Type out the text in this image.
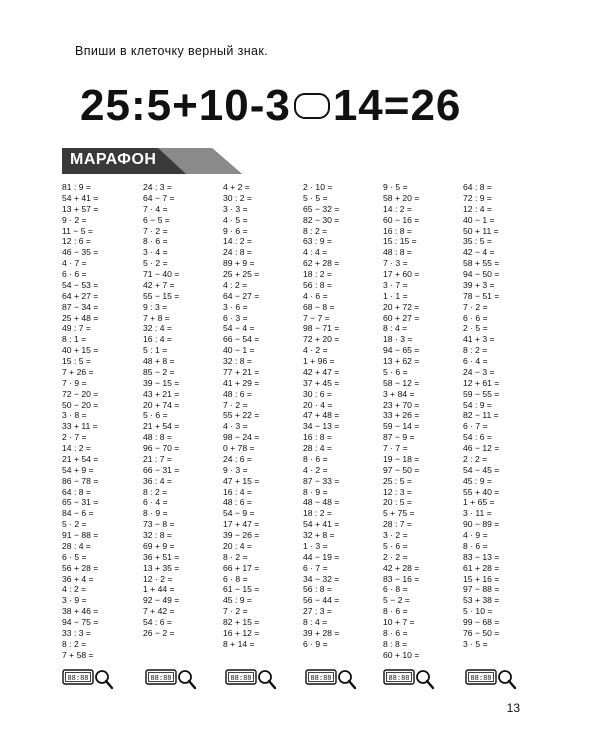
Впиши в клеточку верный знак.
25:5+10-3 14=26
МАРАФОН
81 : 9 =
54 + 41 =
13 + 57 =
9 · 2 =
11 − 5 =
12 : 6 =
46 − 35 =
4 · 7 =
6 · 6 =
54 − 53 =
64 + 27 =
87 − 34 =
25 + 48 =
49 : 7 =
8 : 1 =
40 + 15 =
15 : 5 =
7 + 26 =
7 · 9 =
72 − 20 =
50 − 20 =
3 · 8 =
33 + 11 =
2 · 7 =
14 : 2 =
21 + 54 =
54 + 9 =
86 − 78 =
64 : 8 =
65 − 31 =
84 − 6 =
5 · 2 =
91 − 88 =
28 : 4 =
6 · 5 =
56 + 28 =
36 + 4 =
4 : 2 =
3 · 9 =
38 + 46 =
94 − 75 =
33 : 3 =
8 : 2 =
7 + 58 =
24 : 3 =
64 − 7 =
7 · 4 =
6 − 5 =
7 · 2 =
8 · 6 =
3 · 4 =
5 · 2 =
71 − 40 =
42 + 7 =
55 − 15 =
9 : 3 =
7 + 8 =
32 : 4 =
16 : 4 =
5 : 1 =
48 + 8 =
85 − 2 =
39 − 15 =
43 + 21 =
20 + 74 =
5 · 6 =
21 + 54 =
48 : 8 =
96 − 70 =
21 : 7 =
66 − 31 =
36 : 4 =
8 : 2 =
6 · 4 =
8 · 9 =
73 − 8 =
32 : 8 =
69 + 9 =
36 + 51 =
13 + 35 =
12 · 2 =
1 + 44 =
92 − 49 =
7 + 42 =
54 : 6 =
26 − 2 =
4 + 2 =
30 : 2 =
3 · 3 =
4 · 5 =
9 · 6 =
14 : 2 =
24 : 8 =
89 + 9 =
25 + 25 =
4 : 2 =
64 − 27 =
3 · 6 =
6 · 3 =
54 − 4 =
66 − 54 =
40 − 1 =
32 : 8 =
77 + 21 =
41 + 29 =
48 : 6 =
7 · 2 =
55 + 22 =
4 · 3 =
98 − 24 =
0 + 78 =
24 : 6 =
9 · 3 =
47 + 15 =
16 : 4 =
48 : 6 =
54 − 9 =
17 + 47 =
39 − 26 =
20 : 4 =
8 · 2 =
66 + 17 =
6 · 8 =
61 − 15 =
45 : 9 =
7 · 2 =
82 + 15 =
16 + 12 =
8 + 14 =
2 · 10 =
5 · 5 =
65 − 32 =
82 − 30 =
8 : 2 =
63 : 9 =
4 : 4 =
62 + 28 =
18 : 2 =
56 : 8 =
4 · 6 =
68 − 8 =
7 − 7 =
98 − 71 =
72 + 20 =
4 · 2 =
1 + 96 =
42 + 47 =
37 + 45 =
30 : 6 =
20 · 4 =
47 + 48 =
34 − 13 =
16 : 8 =
28 : 4 =
8 · 6 =
4 · 2 =
87 − 33 =
8 · 9 =
48 − 48 =
18 : 2 =
54 + 41 =
32 + 8 =
1 · 3 =
44 − 19 =
6 · 7 =
34 − 32 =
56 : 8 =
56 − 44 =
27 : 3 =
8 : 4 =
39 + 28 =
6 · 9 =
9 · 5 =
58 + 20 =
14 : 2 =
60 − 16 =
16 : 8 =
15 : 15 =
48 : 8 =
7 · 3 =
17 + 60 =
3 · 7 =
1 · 1 =
20 + 72 =
60 + 27 =
8 : 4 =
18 · 3 =
94 − 65 =
13 + 62 =
5 · 6 =
58 − 12 =
3 + 84 =
23 + 70 =
33 + 26 =
59 − 14 =
87 − 9 =
7 · 7 =
19 − 18 =
97 − 50 =
25 : 5 =
12 : 3 =
20 : 5 =
5 + 75 =
28 : 7 =
3 · 2 =
5 · 6 =
2 · 2 =
42 + 28 =
83 − 16 =
6 · 8 =
5 − 2 =
8 · 6 =
10 + 7 =
8 · 6 =
8 : 8 =
60 + 10 =
64 : 8 =
72 : 9 =
12 : 4 =
40 − 1 =
50 + 11 =
35 : 5 =
42 − 4 =
58 + 55 =
94 − 50 =
39 + 3 =
78 − 51 =
7 · 2 =
6 · 6 =
2 · 5 =
41 + 3 =
8 : 2 =
6 · 4 =
24 − 3 =
12 + 61 =
59 − 55 =
54 : 9 =
82 − 11 =
6 · 7 =
54 : 6 =
46 − 12 =
2 : 2 =
54 − 45 =
45 : 9 =
55 + 40 =
1 + 65 =
3 · 11 =
90 − 89 =
4 · 9 =
8 · 6 =
83 − 13 =
61 + 28 =
15 + 16 =
97 − 88 =
53 + 38 =
5 · 10 =
99 − 68 =
76 − 50 =
3 · 5 =
13
88:88	88:88	88:88	88:88	88:88	88:88
